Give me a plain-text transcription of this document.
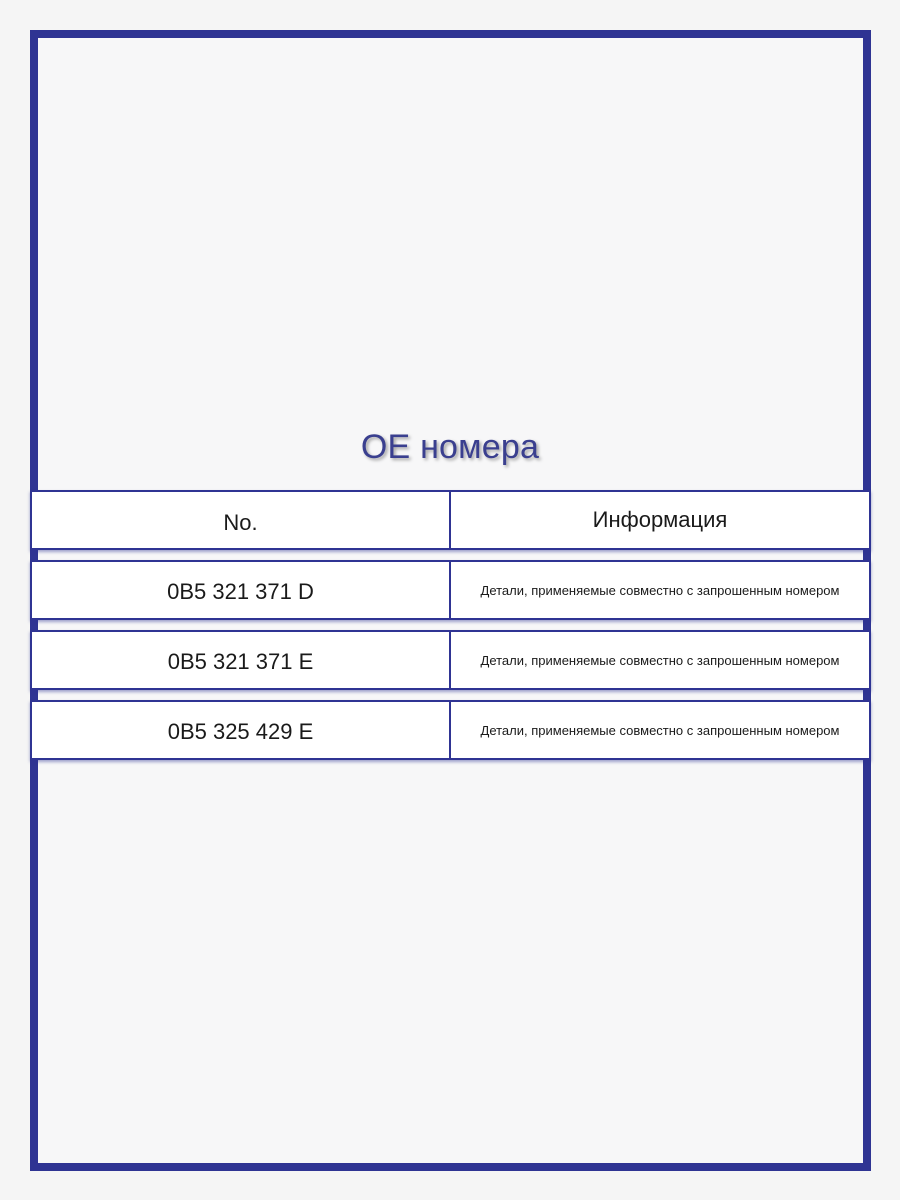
OE номера
No.	Информация
0B5 321 371 D	Детали, применяемые совместно с запрошенным номером
0B5 321 371 E	Детали, применяемые совместно с запрошенным номером
0B5 325 429 E	Детали, применяемые совместно с запрошенным номером
